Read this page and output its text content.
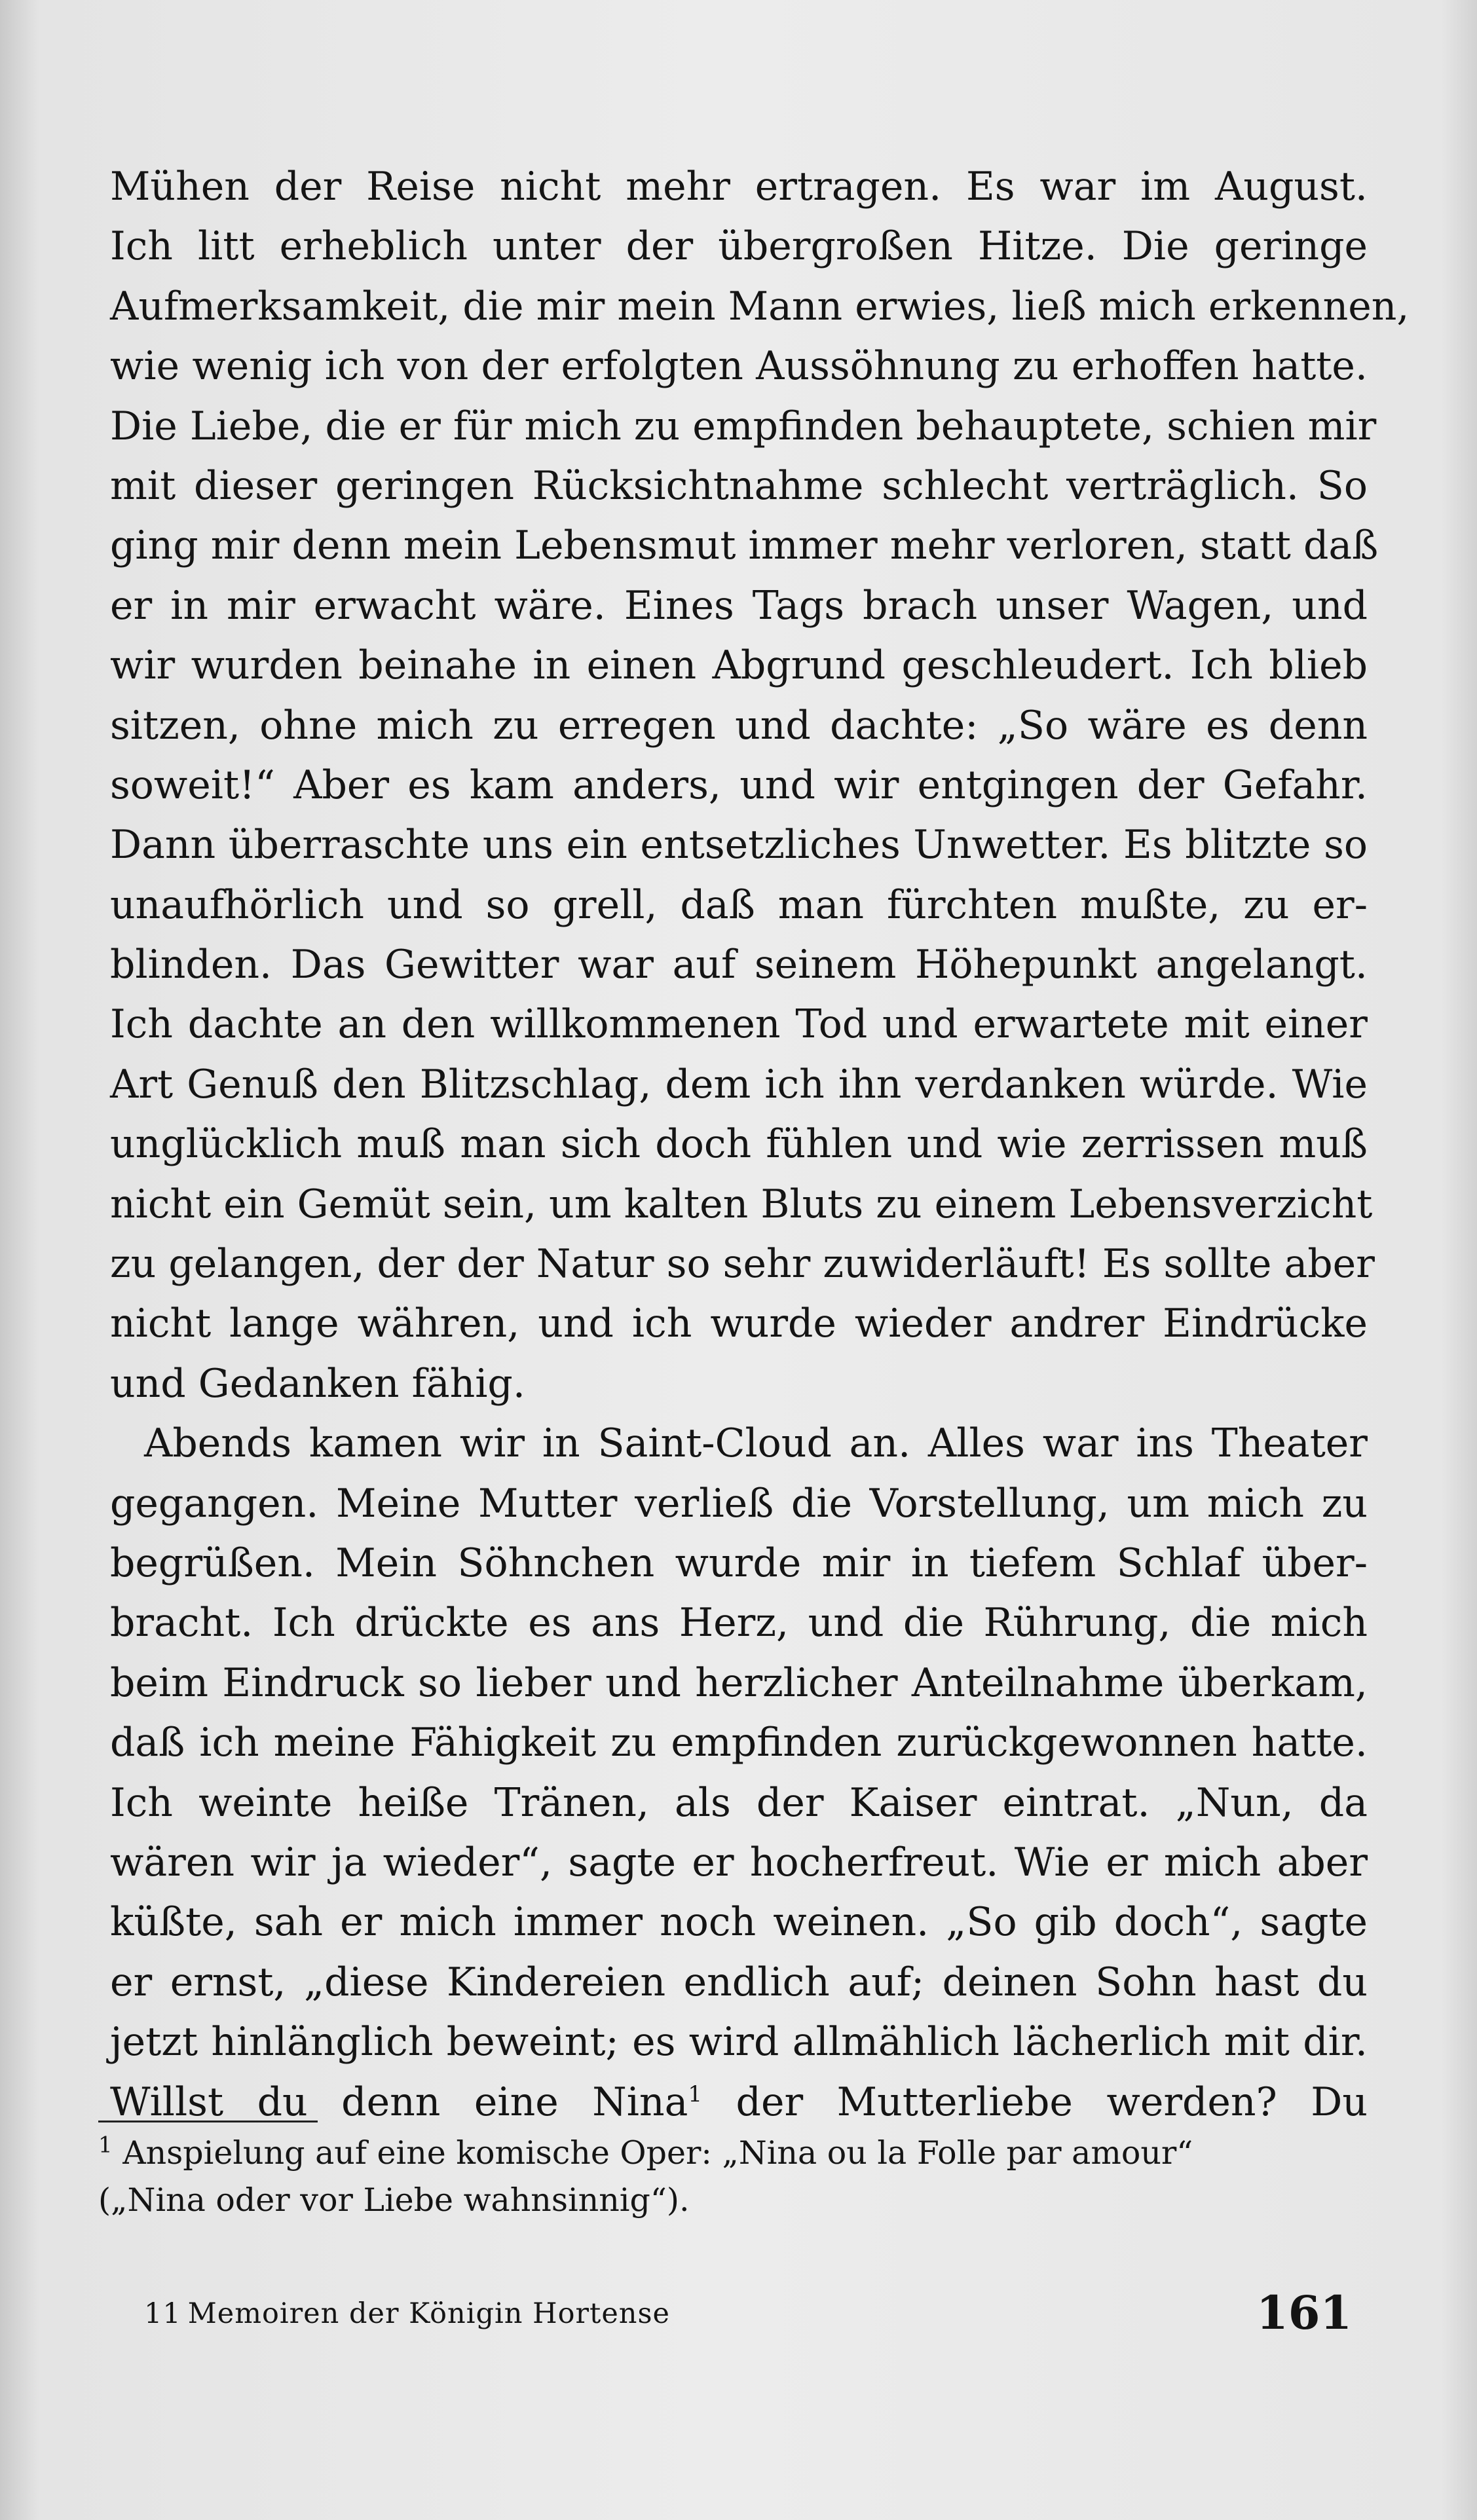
Mühen der Reise nicht mehr ertragen. Es war im August.
Ich litt erheblich unter der übergroßen Hitze. Die geringe
Aufmerksamkeit, die mir mein Mann erwies, ließ mich erkennen,
wie wenig ich von der erfolgten Aussöhnung zu erhoffen hatte.
Die Liebe, die er für mich zu empfinden behauptete, schien mir
mit dieser geringen Rücksichtnahme schlecht verträglich. So
ging mir denn mein Lebensmut immer mehr verloren, statt daß
er in mir erwacht wäre. Eines Tags brach unser Wagen, und
wir wurden beinahe in einen Abgrund geschleudert. Ich blieb
sitzen, ohne mich zu erregen und dachte: „So wäre es denn
soweit!“ Aber es kam anders, und wir entgingen der Gefahr.
Dann überraschte uns ein entsetzliches Unwetter. Es blitzte so
unaufhörlich und so grell, daß man fürchten mußte, zu er-
blinden. Das Gewitter war auf seinem Höhepunkt angelangt.
Ich dachte an den willkommenen Tod und erwartete mit einer
Art Genuß den Blitzschlag, dem ich ihn verdanken würde. Wie
unglücklich muß man sich doch fühlen und wie zerrissen muß
nicht ein Gemüt sein, um kalten Bluts zu einem Lebensverzicht
zu gelangen, der der Natur so sehr zuwiderläuft! Es sollte aber
nicht lange währen, und ich wurde wieder andrer Eindrücke
und Gedanken fähig.
Abends kamen wir in Saint-Cloud an. Alles war ins Theater
gegangen. Meine Mutter verließ die Vorstellung, um mich zu
begrüßen. Mein Söhnchen wurde mir in tiefem Schlaf über-
bracht. Ich drückte es ans Herz, und die Rührung, die mich
beim Eindruck so lieber und herzlicher Anteilnahme überkam,
daß ich meine Fähigkeit zu empfinden zurückgewonnen hatte.
Ich weinte heiße Tränen, als der Kaiser eintrat. „Nun, da
wären wir ja wieder“, sagte er hocherfreut. Wie er mich aber
küßte, sah er mich immer noch weinen. „So gib doch“, sagte
er ernst, „diese Kindereien endlich auf; deinen Sohn hast du
jetzt hinlänglich beweint; es wird allmählich lächerlich mit dir.
Willst du denn eine Nina$^1$ der Mutterliebe werden? Du
$^1$ Anspielung auf eine komische Oper: „Nina ou la Folle par amour“
(„Nina oder vor Liebe wahnsinnig“).
11 Memoiren der Königin Hortense	161
